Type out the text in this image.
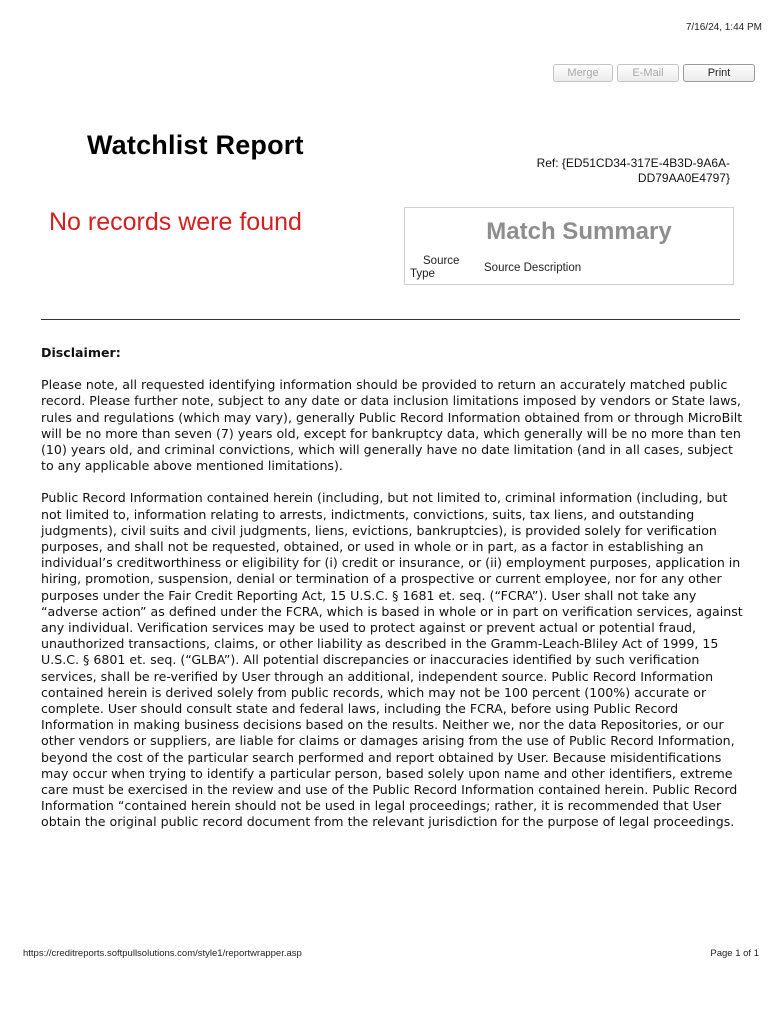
7/16/24, 1:44 PM
Merge	E-Mail	Print
Watchlist Report
Ref: {ED51CD34-317E-4B3D-9A6A-
DD79AA0E4797}
No records were found	Match Summary
Source
Type	Source Description

Disclaimer:

Please note, all requested identifying information should be provided to return an accurately matched public record. Please further note, subject to any date or data inclusion limitations imposed by vendors or State laws, rules and regulations (which may vary), generally Public Record Information obtained from or through MicroBilt will be no more than seven (7) years old, except for bankruptcy data, which generally will be no more than ten (10) years old, and criminal convictions, which will generally have no date limitation (and in all cases, subject to any applicable above mentioned limitations).

Public Record Information contained herein (including, but not limited to, criminal information (including, but not limited to, information relating to arrests, indictments, convictions, suits, tax liens, and outstanding judgments), civil suits and civil judgments, liens, evictions, bankruptcies), is provided solely for verification purposes, and shall not be requested, obtained, or used in whole or in part, as a factor in establishing an individual’s creditworthiness or eligibility for (i) credit or insurance, or (ii) employment purposes, application in hiring, promotion, suspension, denial or termination of a prospective or current employee, nor for any other purposes under the Fair Credit Reporting Act, 15 U.S.C. § 1681 et. seq. (“FCRA”). User shall not take any “adverse action” as defined under the FCRA, which is based in whole or in part on verification services, against any individual. Verification services may be used to protect against or prevent actual or potential fraud, unauthorized transactions, claims, or other liability as described in the Gramm-Leach-Bliley Act of 1999, 15 U.S.C. § 6801 et. seq. (“GLBA”). All potential discrepancies or inaccuracies identified by such verification services, shall be re-verified by User through an additional, independent source. Public Record Information contained herein is derived solely from public records, which may not be 100 percent (100%) accurate or complete. User should consult state and federal laws, including the FCRA, before using Public Record Information in making business decisions based on the results. Neither we, nor the data Repositories, or our other vendors or suppliers, are liable for claims or damages arising from the use of Public Record Information, beyond the cost of the particular search performed and report obtained by User. Because misidentifications may occur when trying to identify a particular person, based solely upon name and other identifiers, extreme care must be exercised in the review and use of the Public Record Information contained herein. Public Record Information “contained herein should not be used in legal proceedings; rather, it is recommended that User obtain the original public record document from the relevant jurisdiction for the purpose of legal proceedings.

https://creditreports.softpullsolutions.com/style1/reportwrapper.asp	Page 1 of 1
